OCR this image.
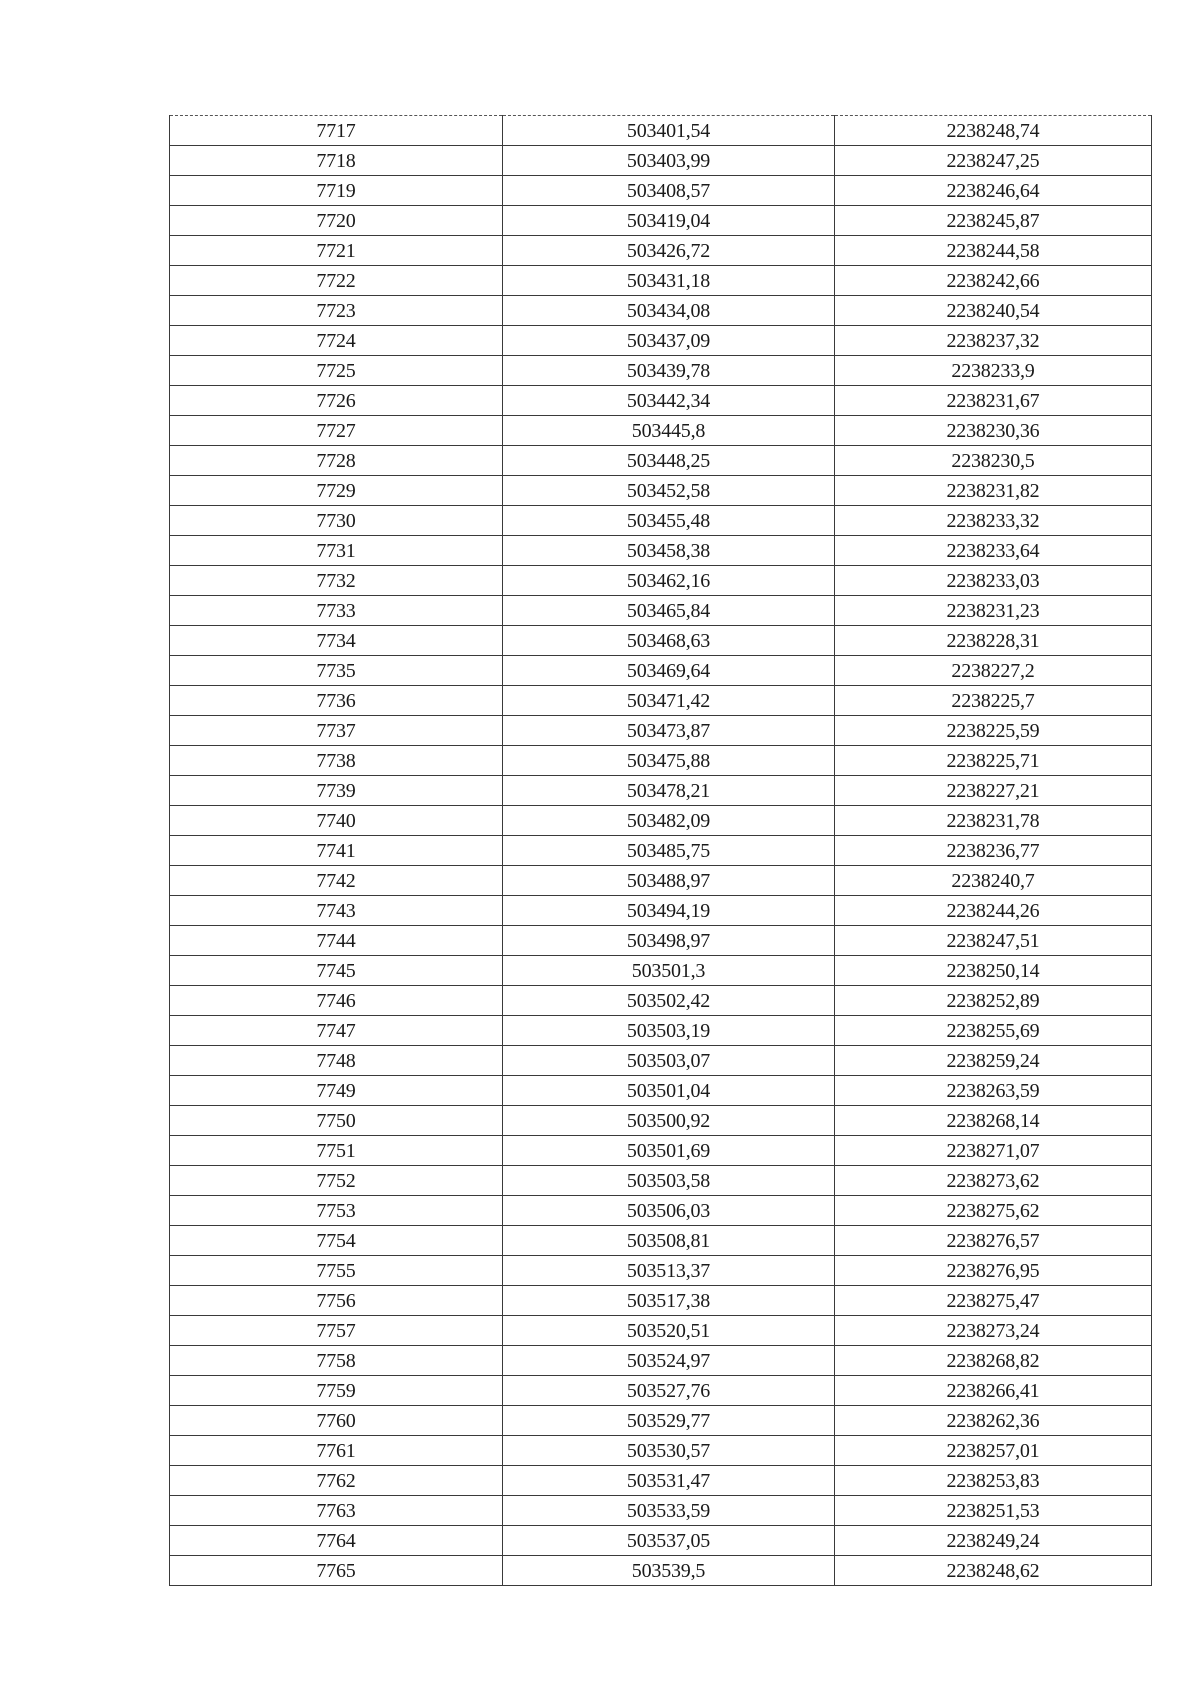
7717	503401,54	2238248,74
7718	503403,99	2238247,25
7719	503408,57	2238246,64
7720	503419,04	2238245,87
7721	503426,72	2238244,58
7722	503431,18	2238242,66
7723	503434,08	2238240,54
7724	503437,09	2238237,32
7725	503439,78	2238233,9
7726	503442,34	2238231,67
7727	503445,8	2238230,36
7728	503448,25	2238230,5
7729	503452,58	2238231,82
7730	503455,48	2238233,32
7731	503458,38	2238233,64
7732	503462,16	2238233,03
7733	503465,84	2238231,23
7734	503468,63	2238228,31
7735	503469,64	2238227,2
7736	503471,42	2238225,7
7737	503473,87	2238225,59
7738	503475,88	2238225,71
7739	503478,21	2238227,21
7740	503482,09	2238231,78
7741	503485,75	2238236,77
7742	503488,97	2238240,7
7743	503494,19	2238244,26
7744	503498,97	2238247,51
7745	503501,3	2238250,14
7746	503502,42	2238252,89
7747	503503,19	2238255,69
7748	503503,07	2238259,24
7749	503501,04	2238263,59
7750	503500,92	2238268,14
7751	503501,69	2238271,07
7752	503503,58	2238273,62
7753	503506,03	2238275,62
7754	503508,81	2238276,57
7755	503513,37	2238276,95
7756	503517,38	2238275,47
7757	503520,51	2238273,24
7758	503524,97	2238268,82
7759	503527,76	2238266,41
7760	503529,77	2238262,36
7761	503530,57	2238257,01
7762	503531,47	2238253,83
7763	503533,59	2238251,53
7764	503537,05	2238249,24
7765	503539,5	2238248,62
